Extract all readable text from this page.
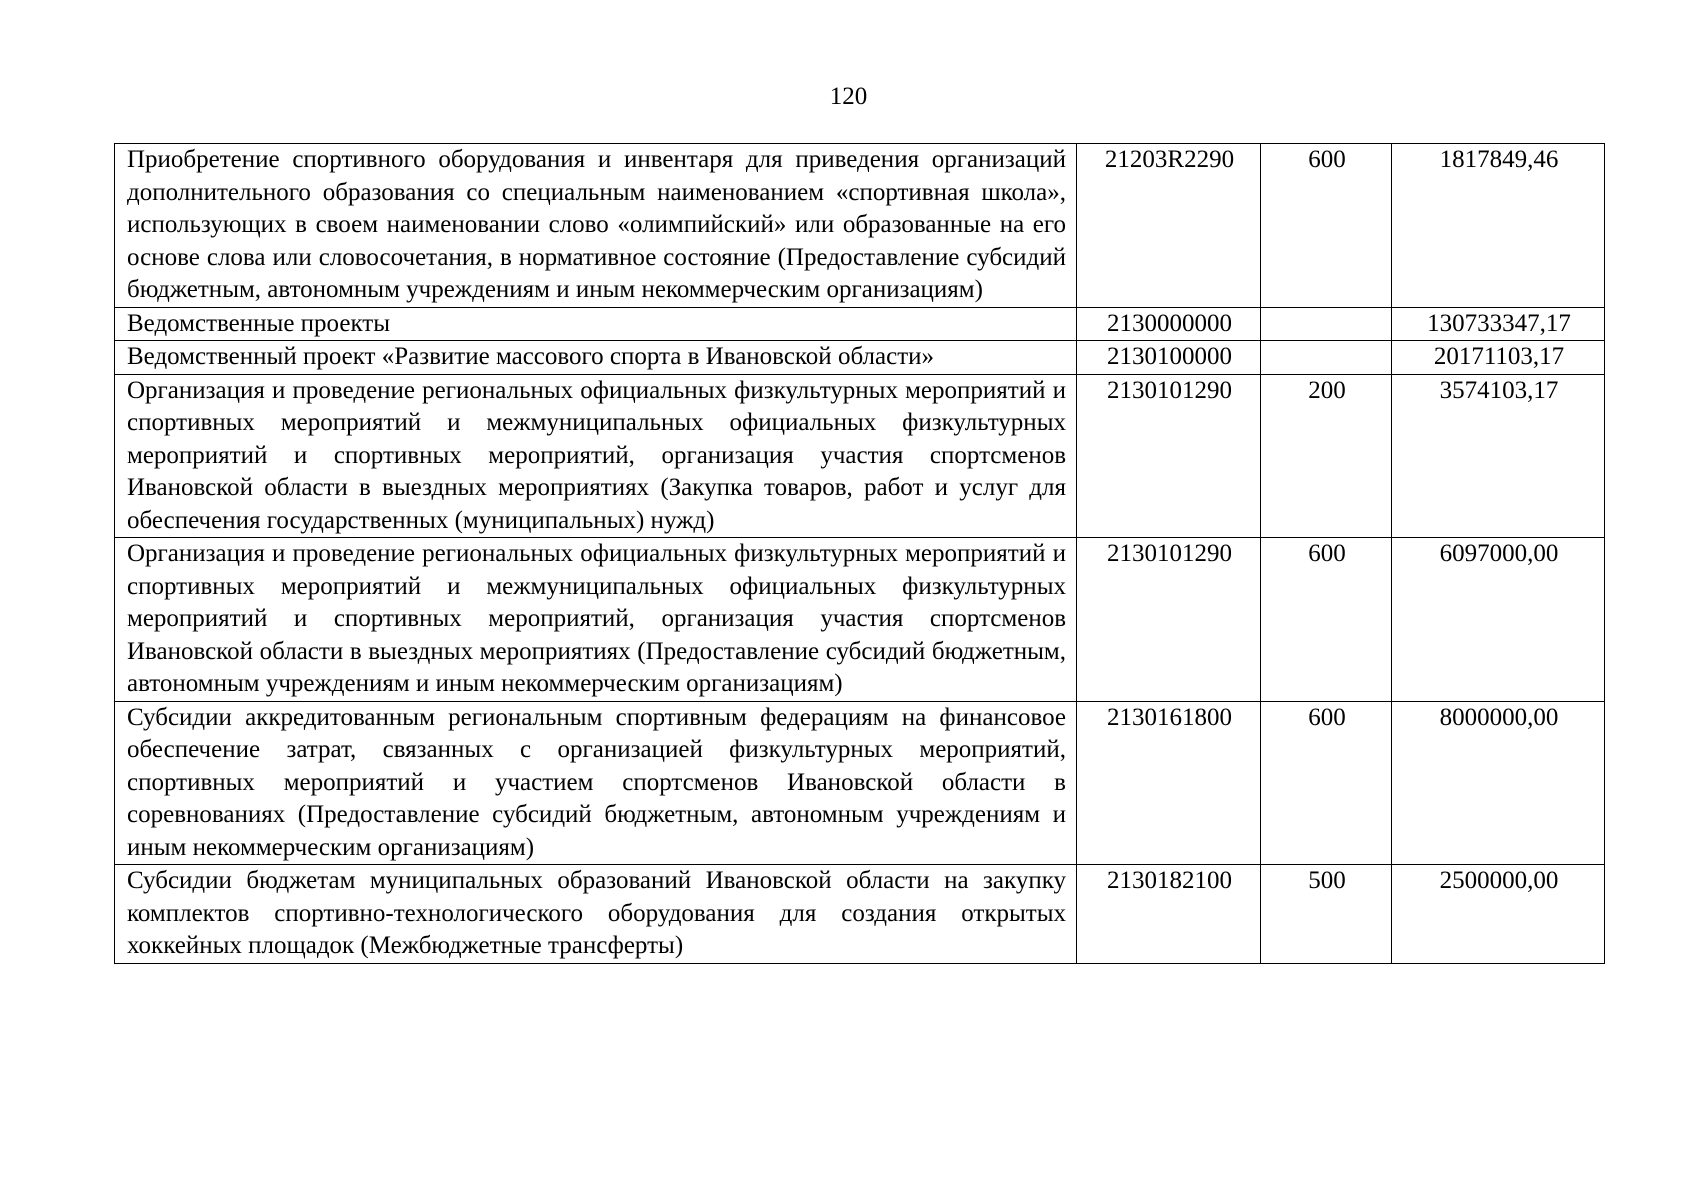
120
Приобретение спортивного оборудования и инвентаря для приведения организаций дополнительного образования со специальным наименованием «спортивная школа», использующих в своем наименовании слово «олимпийский» или образованные на его основе слова или словосочетания, в нормативное состояние (Предоставление субсидий бюджетным, автономным учреждениям и иным некоммерческим организациям)	21203R2290	600	1817849,46
Ведомственные проекты	2130000000		130733347,17
Ведомственный проект «Развитие массового спорта в Ивановской области»	2130100000		20171103,17
Организация и проведение региональных официальных физкультурных мероприятий и спортивных мероприятий и межмуниципальных официальных физкультурных мероприятий и спортивных мероприятий, организация участия спортсменов Ивановской области в выездных мероприятиях (Закупка товаров, работ и услуг для обеспечения государственных (муниципальных) нужд)	2130101290	200	3574103,17
Организация и проведение региональных официальных физкультурных мероприятий и спортивных мероприятий и межмуниципальных официальных физкультурных мероприятий и спортивных мероприятий, организация участия спортсменов Ивановской области в выездных мероприятиях (Предоставление субсидий бюджетным, автономным учреждениям и иным некоммерческим организациям)	2130101290	600	6097000,00
Субсидии аккредитованным региональным спортивным федерациям на финансовое обеспечение затрат, связанных с организацией физкультурных мероприятий, спортивных мероприятий и участием спортсменов Ивановской области в соревнованиях (Предоставление субсидий бюджетным, автономным учреждениям и иным некоммерческим организациям)	2130161800	600	8000000,00
Субсидии бюджетам муниципальных образований Ивановской области на закупку комплектов спортивно-технологического оборудования для создания открытых хоккейных площадок (Межбюджетные трансферты)	2130182100	500	2500000,00
